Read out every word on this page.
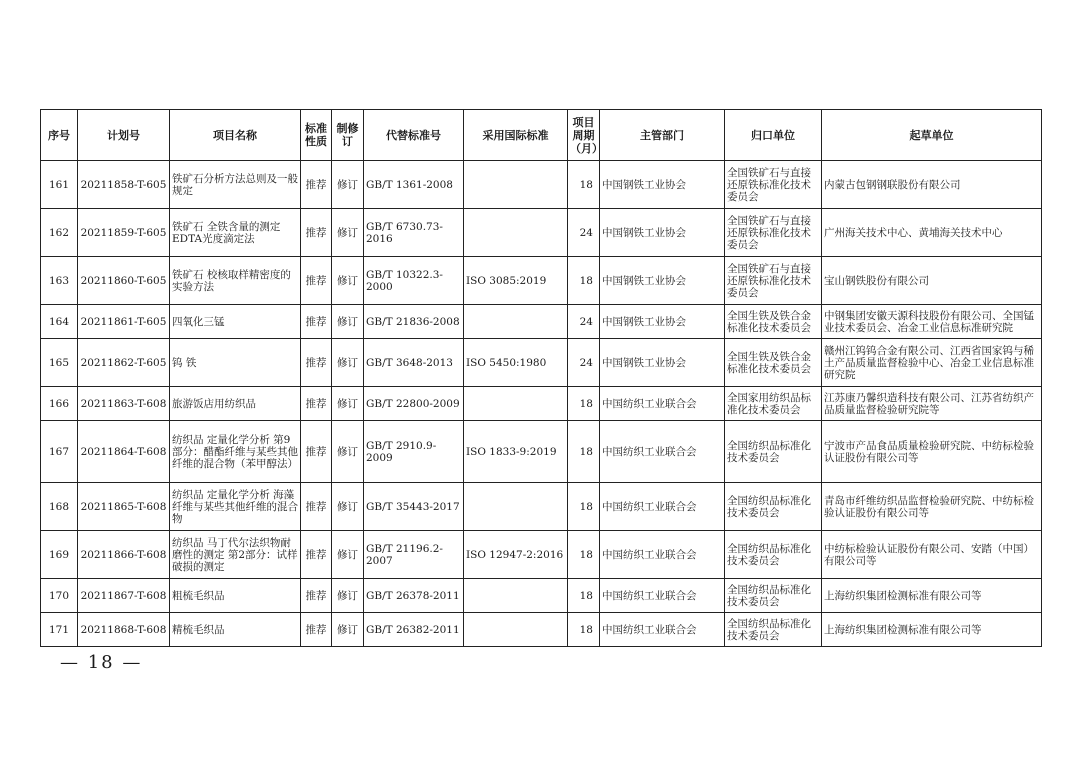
序号	计划号	项目名称	标准性质	制修订	代替标准号	采用国际标准	项目周期（月）	主管部门	归口单位	起草单位
161	20211858-T-605	铁矿石分析方法总则及一般规定	推荐	修订	GB/T 1361-2008		18	中国钢铁工业协会	全国铁矿石与直接还原铁标准化技术委员会	内蒙古包钢钢联股份有限公司
162	20211859-T-605	铁矿石 全铁含量的测定 EDTA光度滴定法	推荐	修订	GB/T 6730.73-2016		24	中国钢铁工业协会	全国铁矿石与直接还原铁标准化技术委员会	广州海关技术中心、黄埔海关技术中心
163	20211860-T-605	铁矿石 校核取样精密度的实验方法	推荐	修订	GB/T 10322.3-2000	ISO 3085:2019	18	中国钢铁工业协会	全国铁矿石与直接还原铁标准化技术委员会	宝山钢铁股份有限公司
164	20211861-T-605	四氧化三锰	推荐	修订	GB/T 21836-2008		24	中国钢铁工业协会	全国生铁及铁合金标准化技术委员会	中钢集团安徽天源科技股份有限公司、全国锰业技术委员会、冶金工业信息标准研究院
165	20211862-T-605	钨 铁	推荐	修订	GB/T 3648-2013	ISO 5450:1980	24	中国钢铁工业协会	全国生铁及铁合金标准化技术委员会	赣州江钨钨合金有限公司、江西省国家钨与稀土产品质量监督检验中心、冶金工业信息标准研究院
166	20211863-T-608	旅游饭店用纺织品	推荐	修订	GB/T 22800-2009		18	中国纺织工业联合会	全国家用纺织品标准化技术委员会	江苏康乃馨织造科技有限公司、江苏省纺织产品质量监督检验研究院等
167	20211864-T-608	纺织品 定量化学分析 第9部分：醋酯纤维与某些其他纤维的混合物（苯甲醇法）	推荐	修订	GB/T 2910.9-2009	ISO 1833-9:2019	18	中国纺织工业联合会	全国纺织品标准化技术委员会	宁波市产品食品质量检验研究院、中纺标检验认证股份有限公司等
168	20211865-T-608	纺织品 定量化学分析 海藻纤维与某些其他纤维的混合物	推荐	修订	GB/T 35443-2017		18	中国纺织工业联合会	全国纺织品标准化技术委员会	青岛市纤维纺织品监督检验研究院、中纺标检验认证股份有限公司等
169	20211866-T-608	纺织品 马丁代尔法织物耐磨性的测定 第2部分：试样破损的测定	推荐	修订	GB/T 21196.2-2007	ISO 12947-2:2016	18	中国纺织工业联合会	全国纺织品标准化技术委员会	中纺标检验认证股份有限公司、安踏（中国）有限公司等
170	20211867-T-608	粗梳毛织品	推荐	修订	GB/T 26378-2011		18	中国纺织工业联合会	全国纺织品标准化技术委员会	上海纺织集团检测标准有限公司等
171	20211868-T-608	精梳毛织品	推荐	修订	GB/T 26382-2011		18	中国纺织工业联合会	全国纺织品标准化技术委员会	上海纺织集团检测标准有限公司等
— 18 —
